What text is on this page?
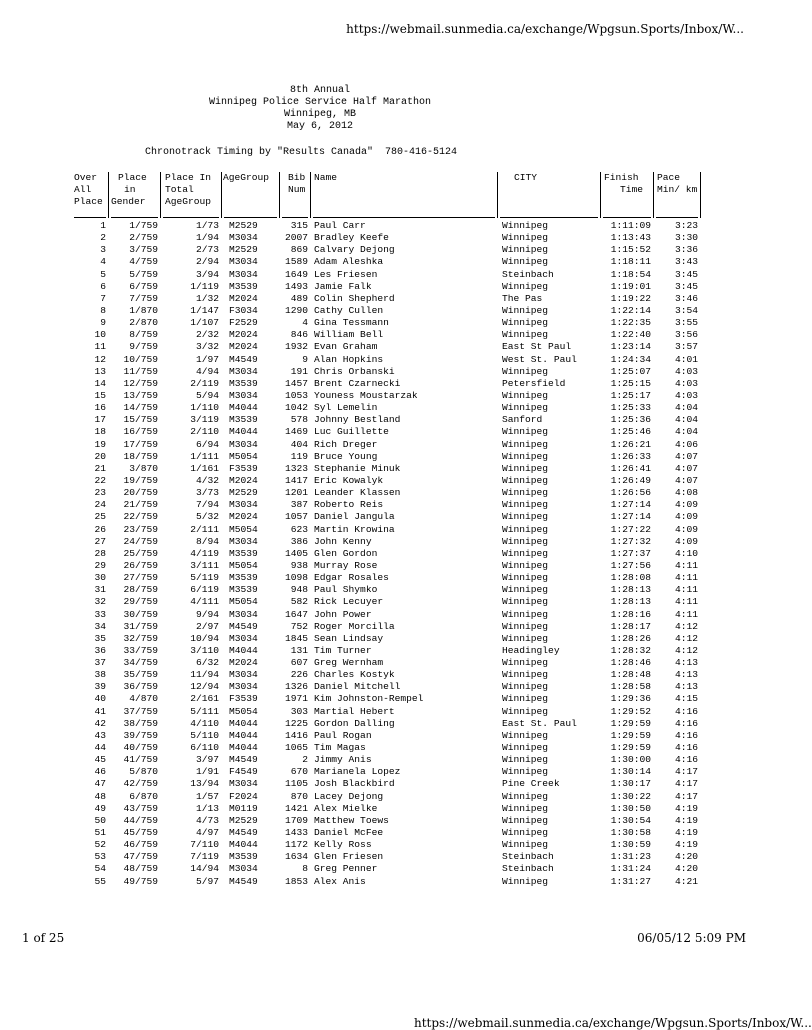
https://webmail.sunmedia.ca/exchange/Wpgsun.Sports/Inbox/W...
8th Annual
Winnipeg Police Service Half Marathon
Winnipeg, MB
May 6, 2012
Chronotrack Timing by "Results Canada"  780-416-5124
Over
All
Place
Place
in
Gender
Place In
Total
AgeGroup
AgeGroup Bib
Num
Name	CITY	Finish
Time
Pace
Min/ km
1 1/759	1/73 M2529	315 Paul Carr	Winnipeg	1:11:09 3:23
2 2/759	1/94 M3034	2007 Bradley Keefe	Winnipeg	1:13:43 3:30
3 3/759	2/73 M2529	869 Calvary Dejong	Winnipeg	1:15:52 3:36
4 4/759	2/94 M3034	1589 Adam Aleshka	Winnipeg	1:18:11 3:43
5 5/759	3/94 M3034	1649 Les Friesen	Steinbach	1:18:54 3:45
6 6/759	1/119 M3539	1493 Jamie Falk	Winnipeg	1:19:01 3:45
7 7/759	1/32 M2024	489 Colin Shepherd	The Pas	1:19:22 3:46
8 1/870	1/147 F3034	1290 Cathy Cullen	Winnipeg	1:22:14 3:54
9 2/870	1/107 F2529	4 Gina Tessmann	Winnipeg	1:22:35 3:55
10 8/759	2/32 M2024	846 William Bell	Winnipeg	1:22:40 3:56
11 9/759	3/32 M2024	1932 Evan Graham	East St Paul	1:23:14 3:57
12 10/759	1/97 M4549	9 Alan Hopkins	West St. Paul	1:24:34 4:01
13 11/759	4/94 M3034	191 Chris Orbanski	Winnipeg	1:25:07 4:03
14 12/759	2/119 M3539	1457 Brent Czarnecki	Petersfield	1:25:15 4:03
15 13/759	5/94 M3034	1053 Youness Moustarzak	Winnipeg	1:25:17 4:03
16 14/759	1/110 M4044	1042 Syl Lemelin	Winnipeg	1:25:33 4:04
17 15/759	3/119 M3539	578 Johnny Bestland	Sanford	1:25:36 4:04
18 16/759	2/110 M4044	1469 Luc Guillette	Winnipeg	1:25:46 4:04
19 17/759	6/94 M3034	404 Rich Dreger	Winnipeg	1:26:21 4:06
20 18/759	1/111 M5054	119 Bruce Young	Winnipeg	1:26:33 4:07
21 3/870	1/161 F3539	1323 Stephanie Minuk	Winnipeg	1:26:41 4:07
22 19/759	4/32 M2024	1417 Eric Kowalyk	Winnipeg	1:26:49 4:07
23 20/759	3/73 M2529	1201 Leander Klassen	Winnipeg	1:26:56 4:08
24 21/759	7/94 M3034	387 Roberto Reis	Winnipeg	1:27:14 4:09
25 22/759	5/32 M2024	1057 Daniel Jangula	Winnipeg	1:27:14 4:09
26 23/759	2/111 M5054	623 Martin Krowina	Winnipeg	1:27:22 4:09
27 24/759	8/94 M3034	386 John Kenny	Winnipeg	1:27:32 4:09
28 25/759	4/119 M3539	1405 Glen Gordon	Winnipeg	1:27:37 4:10
29 26/759	3/111 M5054	938 Murray Rose	Winnipeg	1:27:56 4:11
30 27/759	5/119 M3539	1098 Edgar Rosales	Winnipeg	1:28:08 4:11
31 28/759	6/119 M3539	948 Paul Shymko	Winnipeg	1:28:13 4:11
32 29/759	4/111 M5054	582 Rick Lecuyer	Winnipeg	1:28:13 4:11
33 30/759	9/94 M3034	1647 John Power	Winnipeg	1:28:16 4:11
34 31/759	2/97 M4549	752 Roger Morcilla	Winnipeg	1:28:17 4:12
35 32/759	10/94 M3034	1845 Sean Lindsay	Winnipeg	1:28:26 4:12
36 33/759	3/110 M4044	131 Tim Turner	Headingley	1:28:32 4:12
37 34/759	6/32 M2024	607 Greg Wernham	Winnipeg	1:28:46 4:13
38 35/759	11/94 M3034	226 Charles Kostyk	Winnipeg	1:28:48 4:13
39 36/759	12/94 M3034	1326 Daniel Mitchell	Winnipeg	1:28:58 4:13
40 4/870	2/161 F3539	1971 Kim Johnston-Rempel	Winnipeg	1:29:36 4:15
41 37/759	5/111 M5054	303 Martial Hebert	Winnipeg	1:29:52 4:16
42 38/759	4/110 M4044	1225 Gordon Dalling	East St. Paul	1:29:59 4:16
43 39/759	5/110 M4044	1416 Paul Rogan	Winnipeg	1:29:59 4:16
44 40/759	6/110 M4044	1065 Tim Magas	Winnipeg	1:29:59 4:16
45 41/759	3/97 M4549	2 Jimmy Anis	Winnipeg	1:30:00 4:16
46 5/870	1/91 F4549	670 Marianela Lopez	Winnipeg	1:30:14 4:17
47 42/759	13/94 M3034	1105 Josh Blackbird	Pine Creek	1:30:17 4:17
48 6/870	1/57 F2024	870 Lacey Dejong	Winnipeg	1:30:22 4:17
49 43/759	1/13 M0119	1421 Alex Mielke	Winnipeg	1:30:50 4:19
50 44/759	4/73 M2529	1709 Matthew Toews	Winnipeg	1:30:54 4:19
51 45/759	4/97 M4549	1433 Daniel McFee	Winnipeg	1:30:58 4:19
52 46/759	7/110 M4044	1172 Kelly Ross	Winnipeg	1:30:59 4:19
53 47/759	7/119 M3539	1634 Glen Friesen	Steinbach	1:31:23 4:20
54 48/759	14/94 M3034	8 Greg Penner	Steinbach	1:31:24 4:20
55 49/759	5/97 M4549	1853 Alex Anis	Winnipeg	1:31:27 4:21
1 of 25	06/05/12 5:09 PM
https://webmail.sunmedia.ca/exchange/Wpgsun.Sports/Inbox/W...
